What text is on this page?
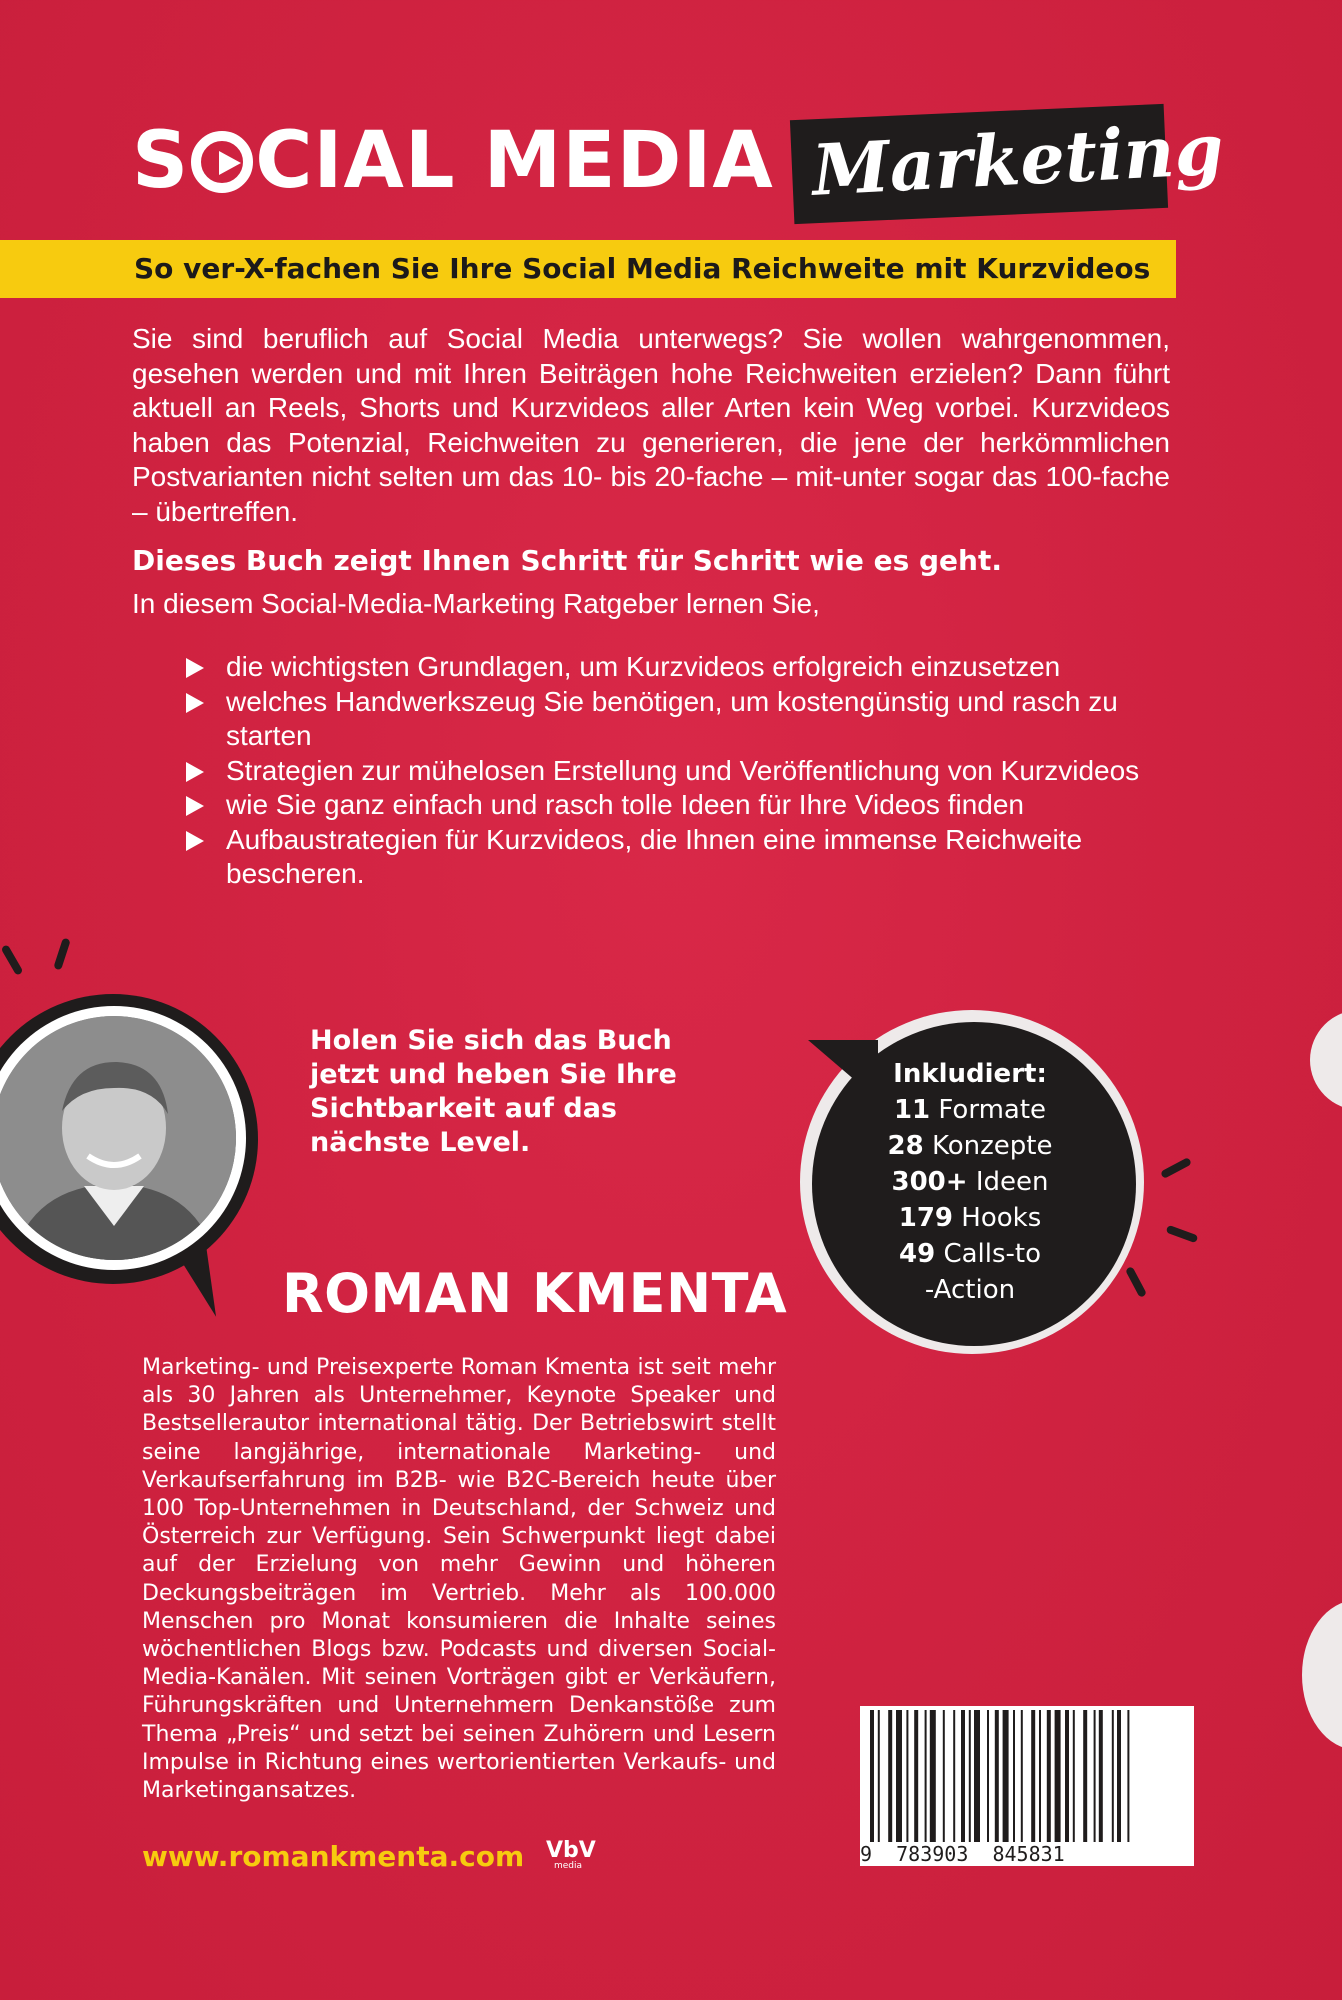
S CIAL MEDIA Marketing
So ver-X-fachen Sie Ihre Social Media Reichweite mit Kurzvideos
Sie sind beruflich auf Social Media unterwegs? Sie wollen wahrgenommen, gesehen werden und mit Ihren Beiträgen hohe Reichweiten erzielen? Dann führt aktuell an Reels, Shorts und Kurzvideos aller Arten kein Weg vorbei. Kurzvideos haben das Potenzial, Reichweiten zu generieren, die jene der herkömmlichen Postvarianten nicht selten um das 10- bis 20-fache – mit-unter sogar das 100-fache – übertreffen.
Dieses Buch zeigt Ihnen Schritt für Schritt wie es geht.
In diesem Social-Media-Marketing Ratgeber lernen Sie,
die wichtigsten Grundlagen, um Kurzvideos erfolgreich einzusetzen
welches Handwerkszeug Sie benötigen, um kostengünstig und rasch zu starten
Strategien zur mühelosen Erstellung und Veröffentlichung von Kurzvideos
wie Sie ganz einfach und rasch tolle Ideen für Ihre Videos finden
Aufbaustrategien für Kurzvideos, die Ihnen eine immense Reichweite bescheren.
Holen Sie sich das Buch jetzt und heben Sie Ihre Sichtbarkeit auf das nächste Level.
Inkludiert:
11 Formate
28 Konzepte
300+ Ideen
179 Hooks
49 Calls-to
-Action
ROMAN KMENTA
Marketing- und Preisexperte Roman Kmenta ist seit mehr als 30 Jahren als Unternehmer, Keynote Speaker und Bestsellerautor international tätig. Der Betriebswirt stellt seine langjährige, internationale Marketing- und Verkaufserfahrung im B2B- wie B2C-Bereich heute über 100 Top-Unternehmen in Deutschland, der Schweiz und Österreich zur Verfügung. Sein Schwerpunkt liegt dabei auf der Erzielung von mehr Gewinn und höheren Deckungsbeiträgen im Vertrieb. Mehr als 100.000 Menschen pro Monat konsumieren die Inhalte seines wöchentlichen Blogs bzw. Podcasts und diversen Social-Media-Kanälen. Mit seinen Vorträgen gibt er Verkäufern, Führungskräften und Unternehmern Denkanstöße zum Thema „Preis“ und setzt bei seinen Zuhörern und Lesern Impulse in Richtung eines wertorientierten Verkaufs- und Marketingansatzes.
www.romankmenta.com VbV
media	9  783903  845831
